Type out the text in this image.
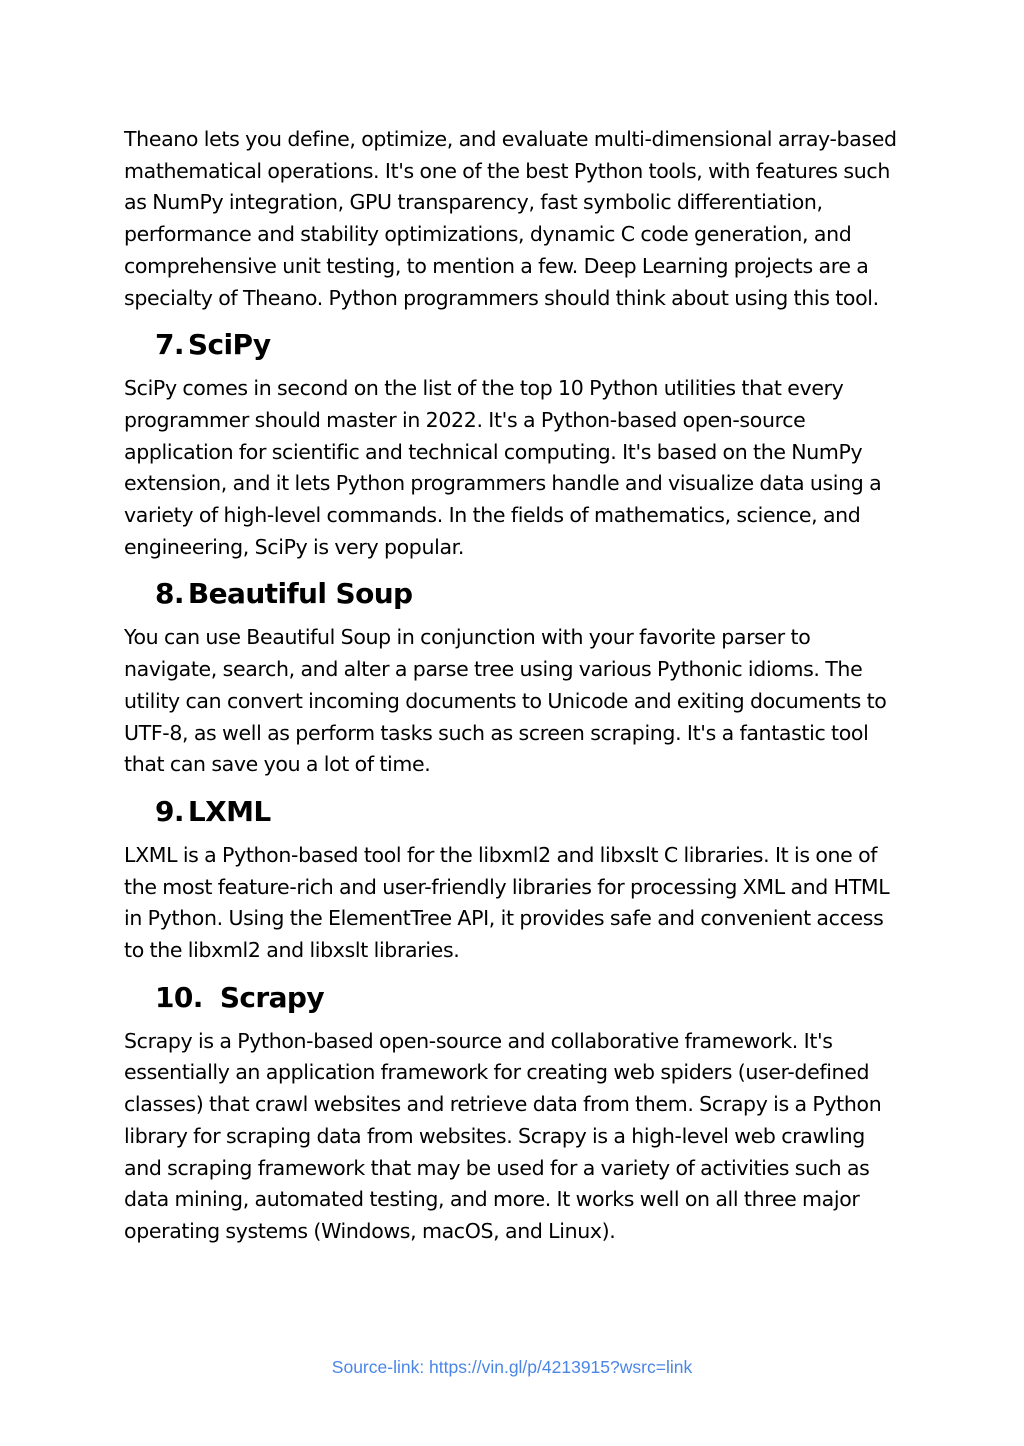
Theano lets you define, optimize, and evaluate multi-dimensional array-based mathematical operations. It's one of the best Python tools, with features such as NumPy integration, GPU transparency, fast symbolic differentiation, performance and stability optimizations, dynamic C code generation, and comprehensive unit testing, to mention a few. Deep Learning projects are a specialty of Theano. Python programmers should think about using this tool.

7. SciPy

SciPy comes in second on the list of the top 10 Python utilities that every programmer should master in 2022. It's a Python-based open-source application for scientific and technical computing. It's based on the NumPy extension, and it lets Python programmers handle and visualize data using a variety of high-level commands. In the fields of mathematics, science, and engineering, SciPy is very popular.

8. Beautiful Soup

You can use Beautiful Soup in conjunction with your favorite parser to navigate, search, and alter a parse tree using various Pythonic idioms. The utility can convert incoming documents to Unicode and exiting documents to UTF-8, as well as perform tasks such as screen scraping. It's a fantastic tool that can save you a lot of time.

9. LXML

LXML is a Python-based tool for the libxml2 and libxslt C libraries. It is one of the most feature-rich and user-friendly libraries for processing XML and HTML in Python. Using the ElementTree API, it provides safe and convenient access to the libxml2 and libxslt libraries.

10. Scrapy

Scrapy is a Python-based open-source and collaborative framework. It's essentially an application framework for creating web spiders (user-defined classes) that crawl websites and retrieve data from them. Scrapy is a Python library for scraping data from websites. Scrapy is a high-level web crawling and scraping framework that may be used for a variety of activities such as data mining, automated testing, and more. It works well on all three major operating systems (Windows, macOS, and Linux).

Source-link: https://vin.gl/p/4213915?wsrc=link
